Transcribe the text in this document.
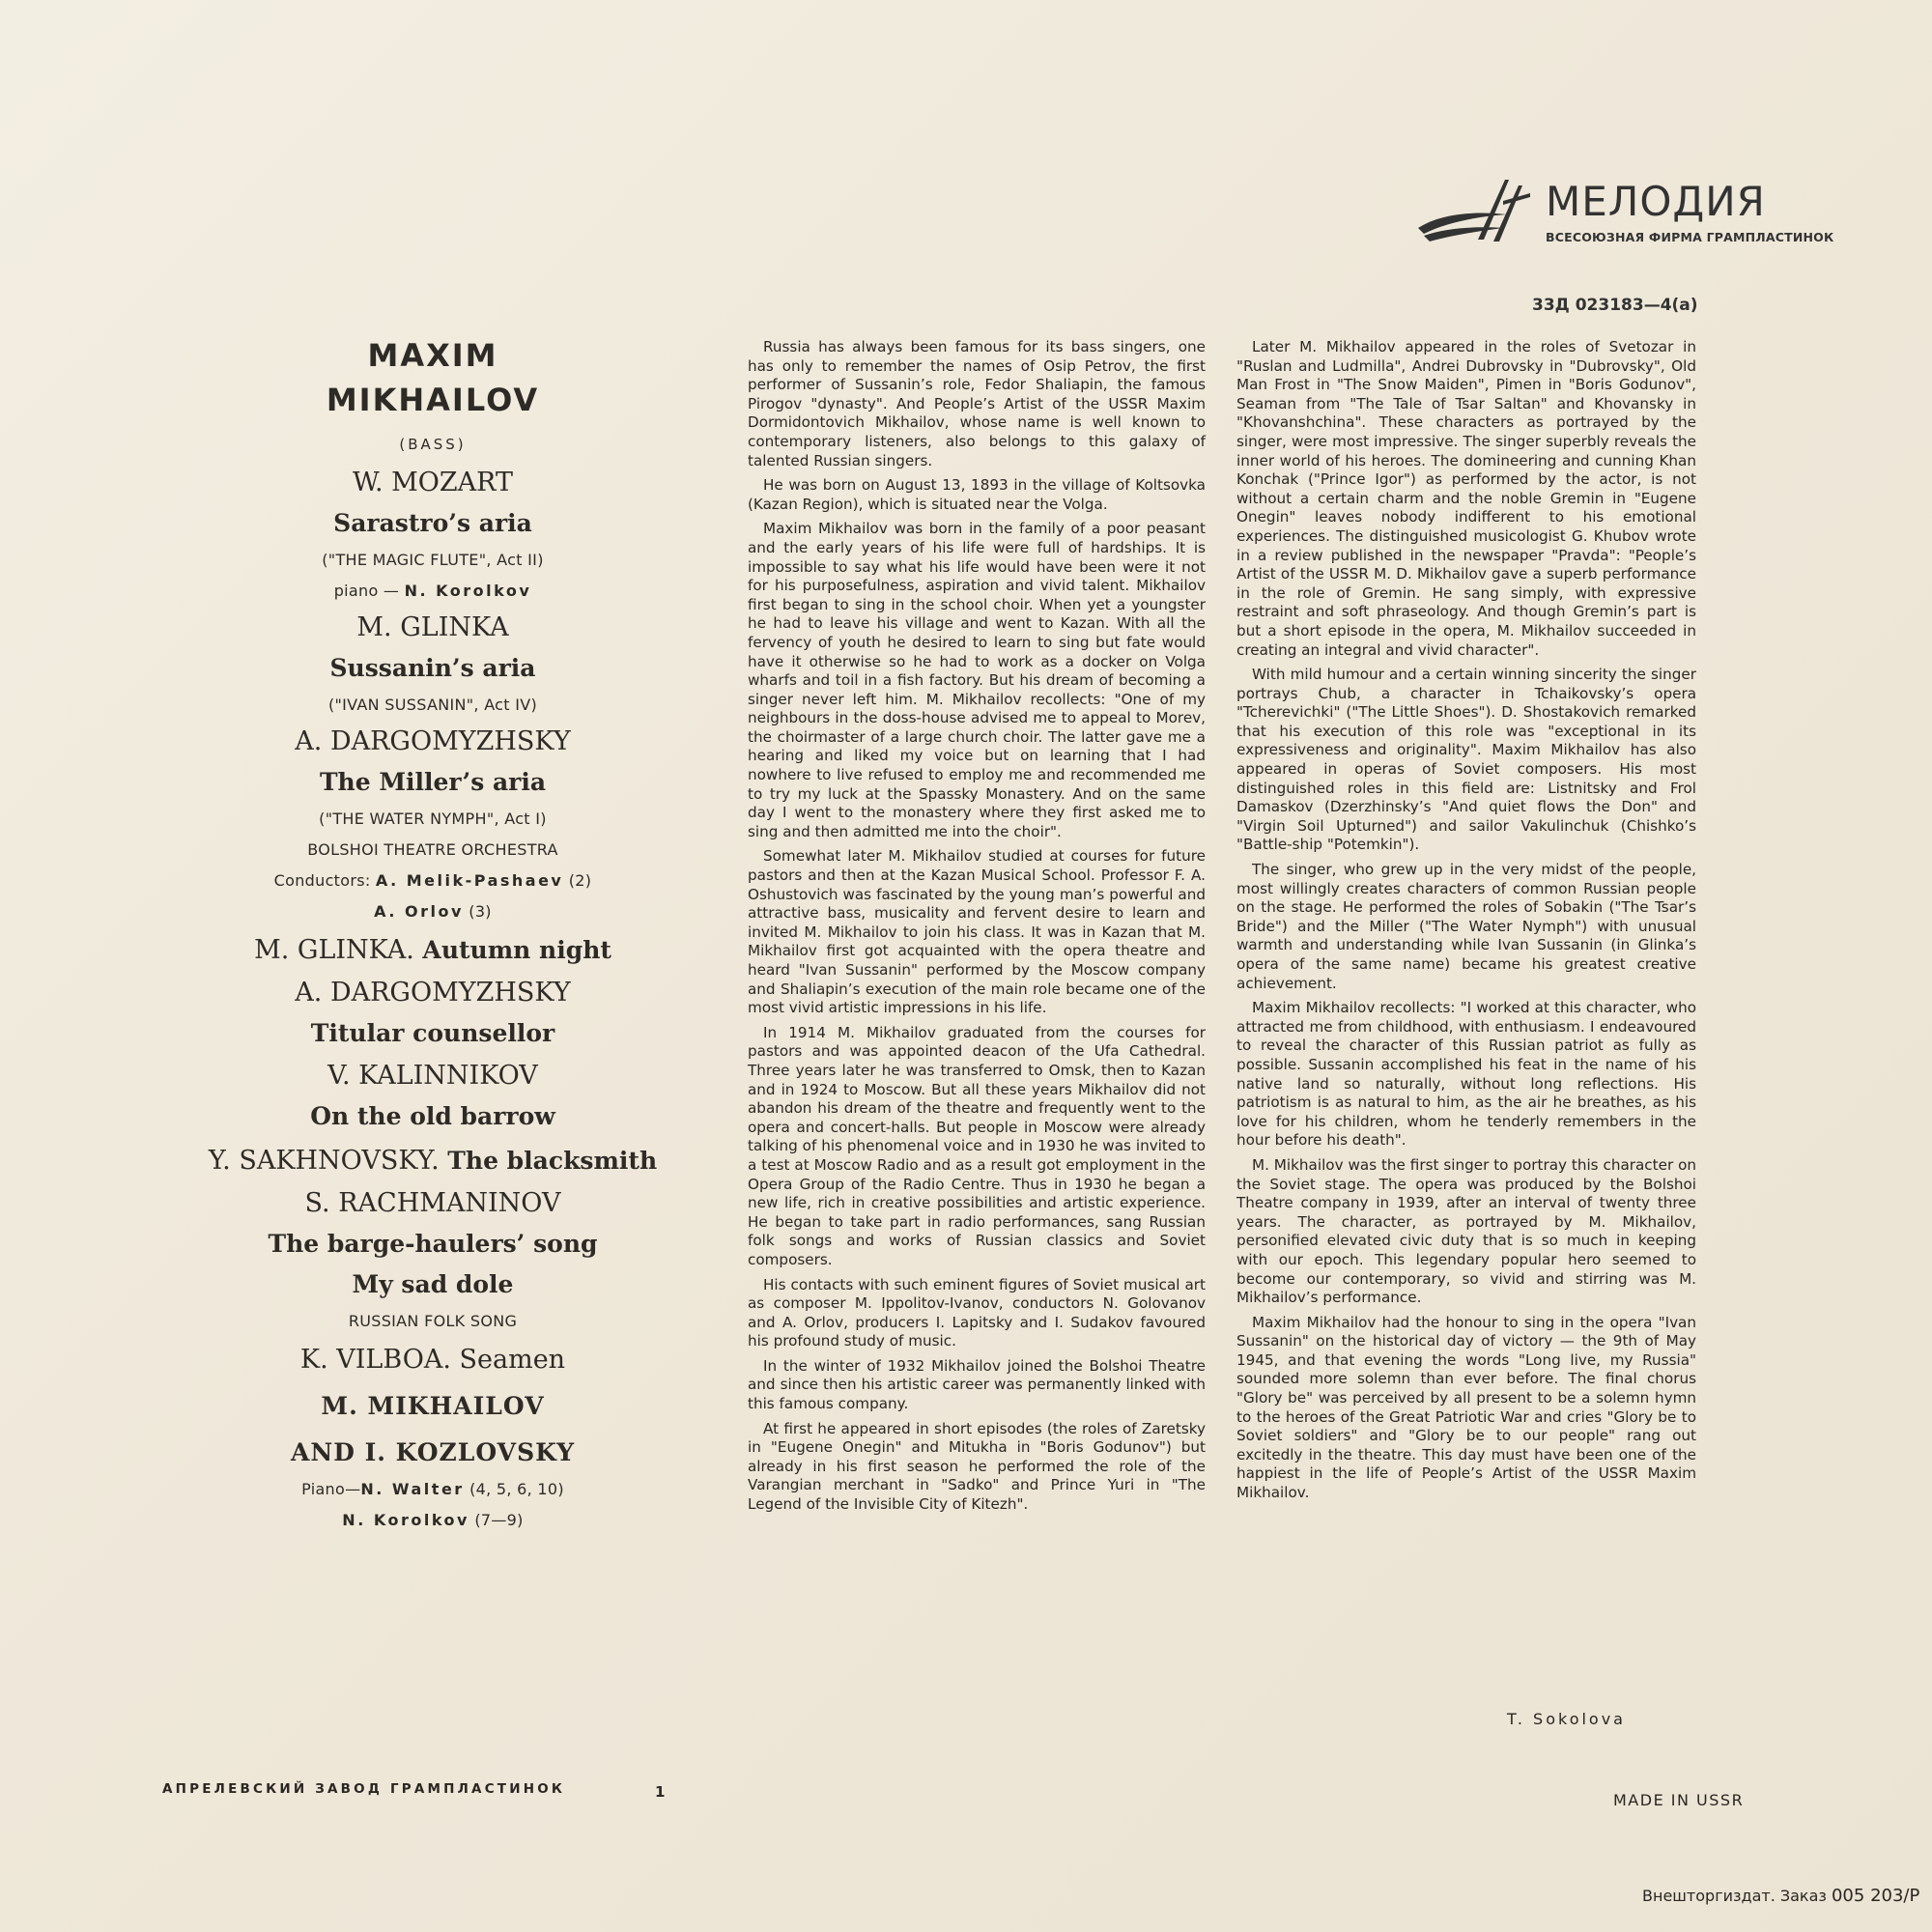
МЕЛОДИЯ
ВСЕСОЮЗНАЯ ФИРМА ГРАМПЛАСТИНОК
33Д 023183—4(а)
MAXIM
MIKHAILOV
(BASS)
W. MOZART
Sarastro’s aria
("THE MAGIC FLUTE", Act II)
piano — N. Korolkov
M. GLINKA
Sussanin’s aria
("IVAN SUSSANIN", Act IV)
A. DARGOMYZHSKY
The Miller’s aria
("THE WATER NYMPH", Act I)
BOLSHOI THEATRE ORCHESTRA
Conductors: A. Melik-Pashaev (2)
A. Orlov (3)
M. GLINKA. Autumn night
A. DARGOMYZHSKY
Titular counsellor
V. KALINNIKOV
On the old barrow
Y. SAKHNOVSKY. The blacksmith
S. RACHMANINOV
The barge-haulers’ song
My sad dole
RUSSIAN FOLK SONG
K. VILBOA. Seamen
M. MIKHAILOV
AND I. KOZLOVSKY
Piano—N. Walter (4, 5, 6, 10)
N. Korolkov (7—9)

Russia has always been famous for its bass singers, one has only to remember the names of Osip Petrov, the first performer of Sussanin’s role, Fedor Shaliapin, the famous Pirogov "dynasty". And People’s Artist of the USSR Maxim Dormidontovich Mikhailov, whose name is well known to contemporary listeners, also belongs to this galaxy of talented Russian singers.

He was born on August 13, 1893 in the village of Koltsovka (Kazan Region), which is situated near the Volga.

Maxim Mikhailov was born in the family of a poor peasant and the early years of his life were full of hardships. It is impossible to say what his life would have been were it not for his purposefulness, aspiration and vivid talent. Mikhailov first began to sing in the school choir. When yet a youngster he had to leave his village and went to Kazan. With all the fervency of youth he desired to learn to sing but fate would have it otherwise so he had to work as a docker on Volga wharfs and toil in a fish factory. But his dream of becoming a singer never left him. M. Mikhailov recollects: "One of my neighbours in the doss-house advised me to appeal to Morev, the choirmaster of a large church choir. The latter gave me a hearing and liked my voice but on learning that I had nowhere to live refused to employ me and recommended me to try my luck at the Spassky Monastery. And on the same day I went to the monastery where they first asked me to sing and then admitted me into the choir".

Somewhat later M. Mikhailov studied at courses for future pastors and then at the Kazan Musical School. Professor F. A. Oshustovich was fascinated by the young man’s powerful and attractive bass, musicality and fervent desire to learn and invited M. Mikhailov to join his class. It was in Kazan that M. Mikhailov first got acquainted with the opera theatre and heard "Ivan Sussanin" performed by the Moscow company and Shaliapin’s execution of the main role became one of the most vivid artistic impressions in his life.

In 1914 M. Mikhailov graduated from the courses for pastors and was appointed deacon of the Ufa Cathedral. Three years later he was transferred to Omsk, then to Kazan and in 1924 to Moscow. But all these years Mikhailov did not abandon his dream of the theatre and frequently went to the opera and concert-halls. But people in Moscow were already talking of his phenomenal voice and in 1930 he was invited to a test at Moscow Radio and as a result got employment in the Opera Group of the Radio Centre. Thus in 1930 he began a new life, rich in creative possibilities and artistic experience. He began to take part in radio performances, sang Russian folk songs and works of Russian classics and Soviet composers.

His contacts with such eminent figures of Soviet musical art as composer M. Ippolitov-Ivanov, conductors N. Golovanov and A. Orlov, producers I. Lapitsky and I. Sudakov favoured his profound study of music.

In the winter of 1932 Mikhailov joined the Bolshoi Theatre and since then his artistic career was permanently linked with this famous company.

At first he appeared in short episodes (the roles of Zaretsky in "Eugene Onegin" and Mitukha in "Boris Godunov") but already in his first season he performed the role of the Varangian merchant in "Sadko" and Prince Yuri in "The Legend of the Invisible City of Kitezh".

Later M. Mikhailov appeared in the roles of Svetozar in "Ruslan and Ludmilla", Andrei Dubrovsky in "Dubrovsky", Old Man Frost in "The Snow Maiden", Pimen in "Boris Godunov", Seaman from "The Tale of Tsar Saltan" and Khovansky in "Khovanshchina". These characters as portrayed by the singer, were most impressive. The singer superbly reveals the inner world of his heroes. The domineering and cunning Khan Konchak ("Prince Igor") as performed by the actor, is not without a certain charm and the noble Gremin in "Eugene Onegin" leaves nobody indifferent to his emotional experiences. The distinguished musicologist G. Khubov wrote in a review published in the newspaper "Pravda": "People’s Artist of the USSR M. D. Mikhailov gave a superb performance in the role of Gremin. He sang simply, with expressive restraint and soft phraseology. And though Gremin’s part is but a short episode in the opera, M. Mikhailov succeeded in creating an integral and vivid character".

With mild humour and a certain winning sincerity the singer portrays Chub, a character in Tchaikovsky’s opera "Tcherevichki" ("The Little Shoes"). D. Shostakovich remarked that his execution of this role was "exceptional in its expressiveness and originality". Maxim Mikhailov has also appeared in operas of Soviet composers. His most distinguished roles in this field are: Listnitsky and Frol Damaskov (Dzerzhinsky’s "And quiet flows the Don" and "Virgin Soil Upturned") and sailor Vakulinchuk (Chishko’s "Battle-ship "Potemkin").

The singer, who grew up in the very midst of the people, most willingly creates characters of common Russian people on the stage. He performed the roles of Sobakin ("The Tsar’s Bride") and the Miller ("The Water Nymph") with unusual warmth and understanding while Ivan Sussanin (in Glinka’s opera of the same name) became his greatest creative achievement.

Maxim Mikhailov recollects: "I worked at this character, who attracted me from childhood, with enthusiasm. I endeavoured to reveal the character of this Russian patriot as fully as possible. Sussanin accomplished his feat in the name of his native land so naturally, without long reflections. His patriotism is as natural to him, as the air he breathes, as his love for his children, whom he tenderly remembers in the hour before his death".

M. Mikhailov was the first singer to portray this character on the Soviet stage. The opera was produced by the Bolshoi Theatre company in 1939, after an interval of twenty three years. The character, as portrayed by M. Mikhailov, personified elevated civic duty that is so much in keeping with our epoch. This legendary popular hero seemed to become our contemporary, so vivid and stirring was M. Mikhailov’s performance.

Maxim Mikhailov had the honour to sing in the opera "Ivan Sussanin" on the historical day of victory — the 9th of May 1945, and that evening the words "Long live, my Russia" sounded more solemn than ever before. The final chorus "Glory be" was perceived by all present to be a solemn hymn to the heroes of the Great Patriotic War and cries "Glory be to Soviet soldiers" and "Glory be to our people" rang out excitedly in the theatre. This day must have been one of the happiest in the life of People’s Artist of the USSR Maxim Mikhailov.

T. Sokolova
АПРЕЛЕВСКИЙ ЗАВОД ГРАМПЛАСТИНОК	1	MADE IN USSR
Внешторгиздат. Заказ 005 203/Р
